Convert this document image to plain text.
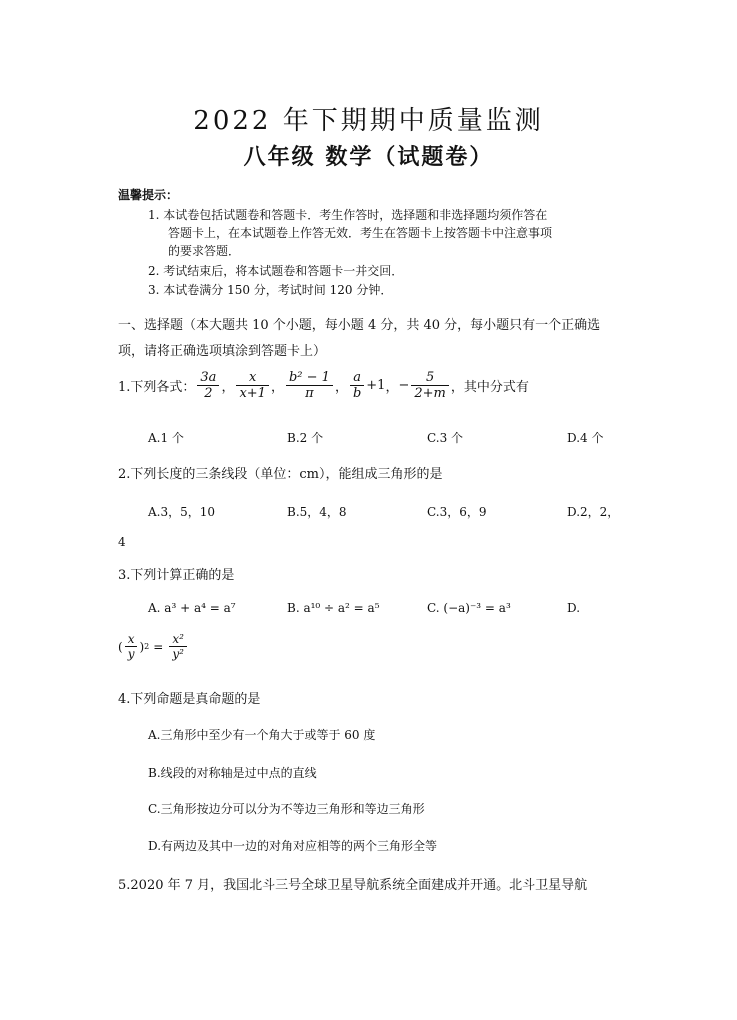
2022 年下期期中质量监测
八年级 数学（试题卷）
温馨提示：
1. 本试卷包括试题卷和答题卡．考生作答时，选择题和非选择题均须作答在
答题卡上，在本试题卷上作答无效．考生在答题卡上按答题卡中注意事项
的要求答题．
2. 考试结束后，将本试题卷和答题卡一并交回．
3. 本试卷满分 150 分，考试时间 120 分钟．
一、选择题（本大题共 10 个小题，每小题 4 分，共 40 分，每小题只有一个正确选
项，请将正确选项填涂到答题卡上）
1.下列各式： $\frac{3a}{2}$ ， $\frac{x}{x+1}$ ， $\frac{\text{b² − 1}}{\pi}$ ， $\frac{a}{b} +1$ ， − $\frac{5}{2+m}$ ，其中分式有
A.1 个	B.2 个	C.3 个	D.4 个
2.下列长度的三条线段（单位：cm），能组成三角形的是
A.3，5，10	B.5，4，8	C.3，6，9	D.2，2，
4
3.下列计算正确的是
A. a³ + a⁴ = a⁷	B. a¹⁰ ÷ a² = a⁵	C. (−a)⁻³ = a³	D.
( $\frac{x}{y}$ ) $2 = \frac{\text{x²}}{\text{y²}}$
4.下列命题是真命题的是
A.三角形中至少有一个角大于或等于 60 度
B.线段的对称轴是过中点的直线
C.三角形按边分可以分为不等边三角形和等边三角形
D.有两边及其中一边的对角对应相等的两个三角形全等
5.2020 年 7 月，我国北斗三号全球卫星导航系统全面建成并开通。北斗卫星导航
